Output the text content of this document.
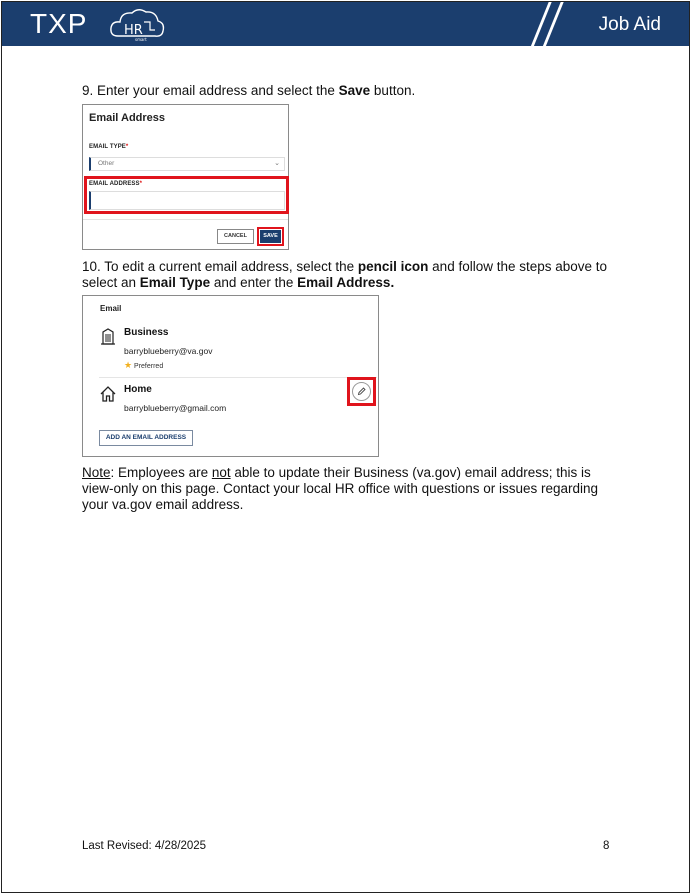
TXP	HR
smart
Job Aid
9. Enter your email address and select the Save button.
Email Address
EMAIL TYPE*
Other	⌄
EMAIL ADDRESS*
CANCEL	SAVE
10. To edit a current email address, select the pencil icon and follow the steps above to select an Email Type and enter the Email Address.
Email
Business
barryblueberry@va.gov
★ Preferred
Home
barryblueberry@gmail.com
ADD AN EMAIL ADDRESS
Note: Employees are not able to update their Business (va.gov) email address; this is view-only on this page. Contact your local HR office with questions or issues regarding your va.gov email address.
Last Revised: 4/28/2025	8
